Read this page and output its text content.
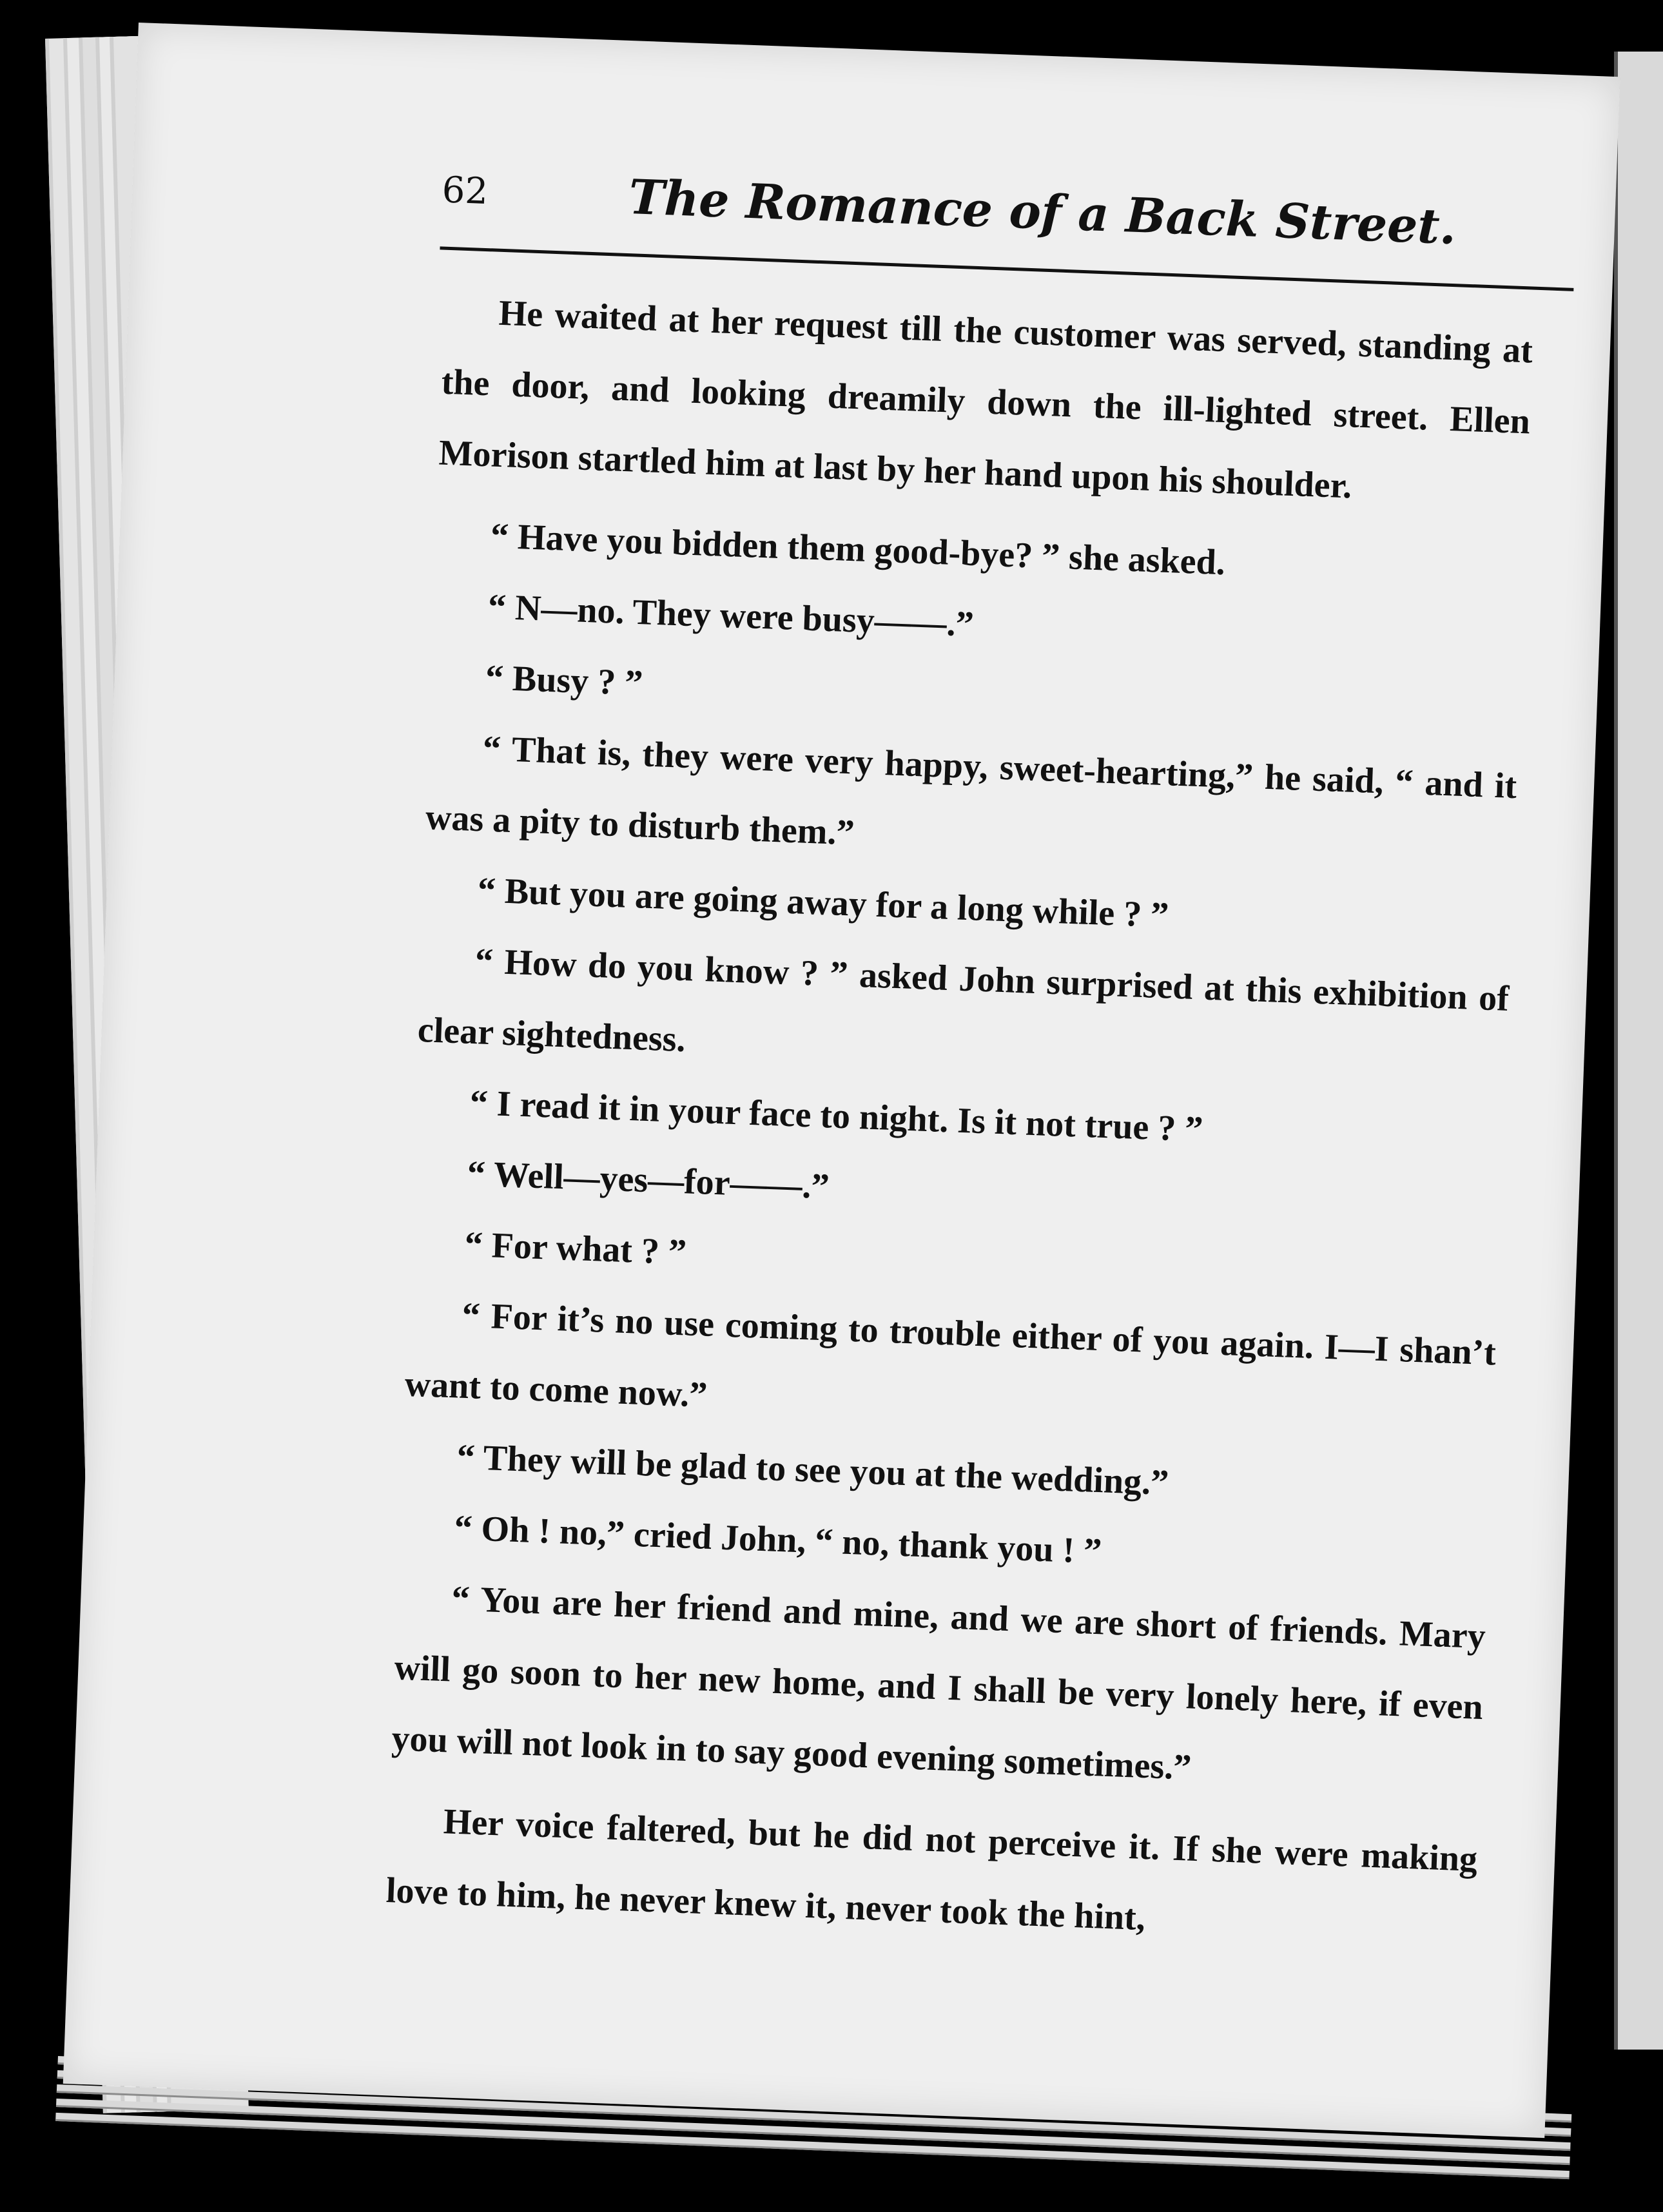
62	The Romance of a Back Street.

He waited at her request till the customer was served, standing at the door, and looking dreamily down the ill-lighted street. Ellen Morison startled him at last by her hand upon his shoulder.

“ Have you bidden them good-bye? ” she asked.

“ N—no. They were busy——.”

“ Busy ? ”

“ That is, they were very happy, sweet-hearting,” he said, “ and it was a pity to disturb them.”

“ But you are going away for a long while ? ”

“ How do you know ? ” asked John surprised at this exhibition of clear sightedness.

“ I read it in your face to night. Is it not true ? ”

“ Well—yes—for——.”

“ For what ? ”

“ For it’s no use coming to trouble either of you again. I—I shan’t want to come now.”

“ They will be glad to see you at the wedding.”

“ Oh ! no,” cried John, “ no, thank you ! ”

“ You are her friend and mine, and we are short of friends. Mary will go soon to her new home, and I shall be very lonely here, if even you will not look in to say good evening sometimes.”

Her voice faltered, but he did not perceive it. If she were making love to him, he never knew it, never took the hint,
